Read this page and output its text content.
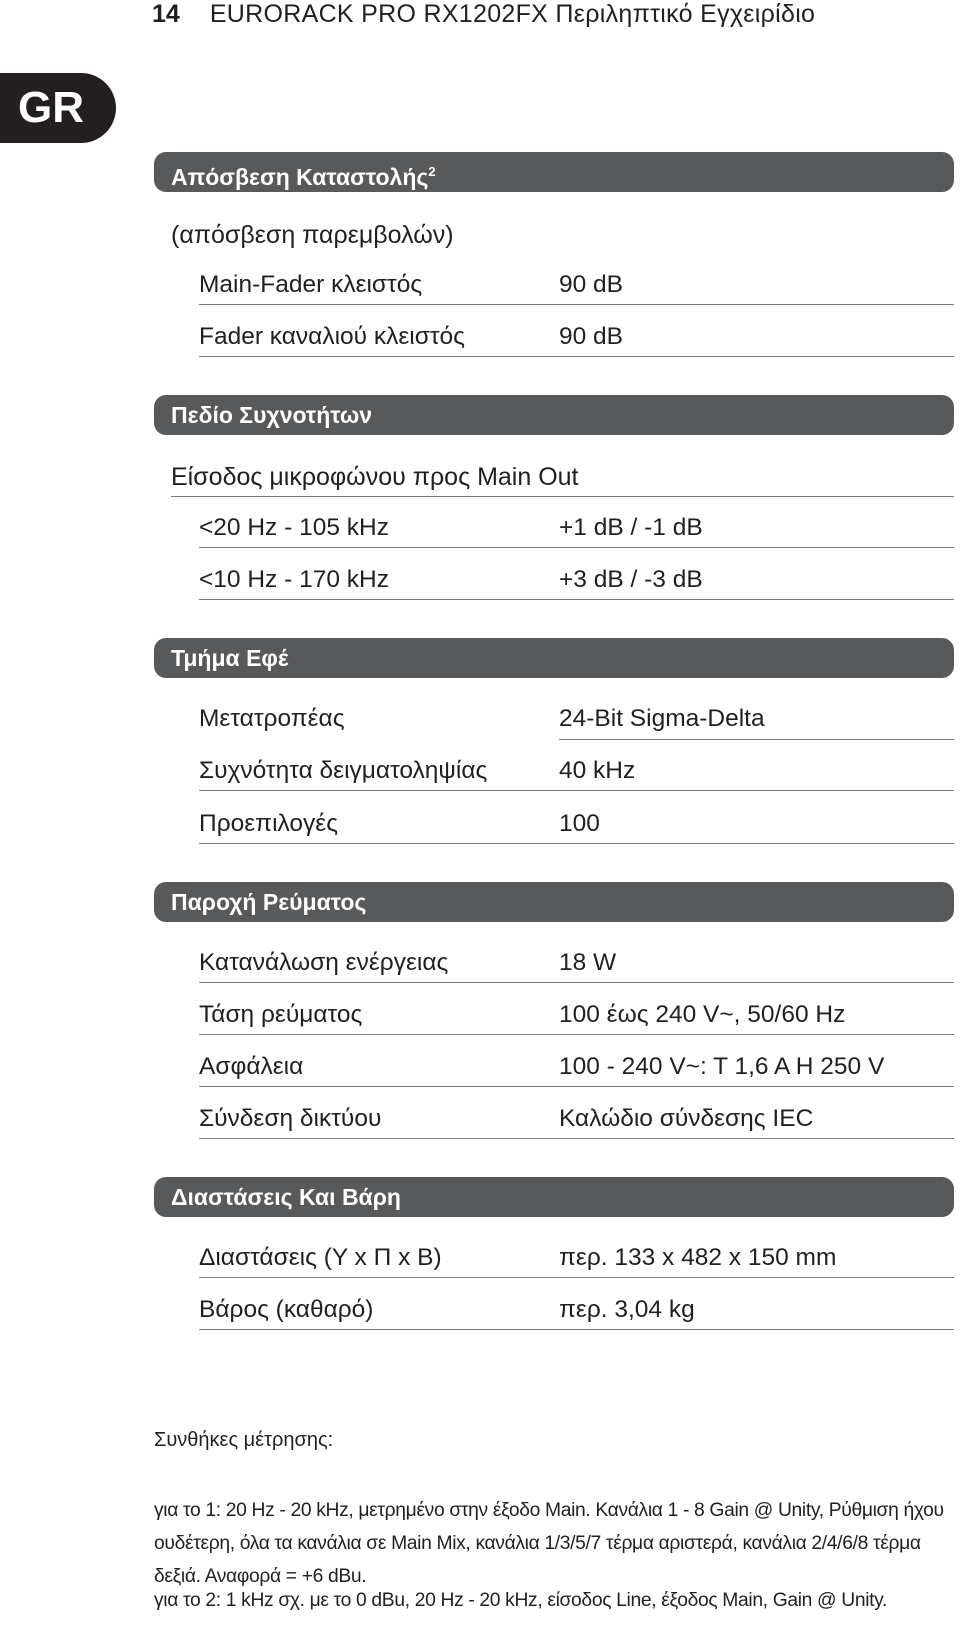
14 EURORACK PRO RX1202FX Περιληπτικό Εγχειρίδιο
GR
Απόσβεση Καταστολής$^2$
(απόσβεση παρεμβολών)
Main-Fader κλειστός	90 dB
Fader καναλιού κλειστός	90 dB
Πεδίο Συχνοτήτων
Είσοδος μικροφώνου προς Main Out
<20 Hz - 105 kHz	+1 dB / -1 dB
<10 Hz - 170 kHz	+3 dB / -3 dB
Τμήμα Εφέ
Μετατροπέας	24-Bit Sigma-Delta
Συχνότητα δειγματοληψίας	40 kHz
Προεπιλογές	100
Παροχή Ρεύματος
Κατανάλωση ενέργειας	18 W
Τάση ρεύματος	100 έως 240 V~, 50/60 Hz
Ασφάλεια	100 - 240 V~: T 1,6 A H 250 V
Σύνδεση δικτύου	Καλώδιο σύνδεσης IEC
Διαστάσεις Και Βάρη
Διαστάσεις (Y x Π x B)	περ. 133 x 482 x 150 mm
Βάρος (καθαρό)	περ. 3,04 kg
Συνθήκες μέτρησης:
για το 1: 20 Hz - 20 kHz, μετρημένο στην έξοδο Main. Κανάλια 1 - 8 Gain @ Unity, Ρύθμιση ήχου ουδέτερη, όλα τα κανάλια σε Main Mix, κανάλια 1/3/5/7 τέρμα αριστερά, κανάλια 2/4/6/8 τέρμα δεξιά. Αναφορά = +6 dBu.
για το 2: 1 kHz σχ. με το 0 dBu, 20 Hz - 20 kHz, είσοδος Line, έξοδος Main, Gain @ Unity.
